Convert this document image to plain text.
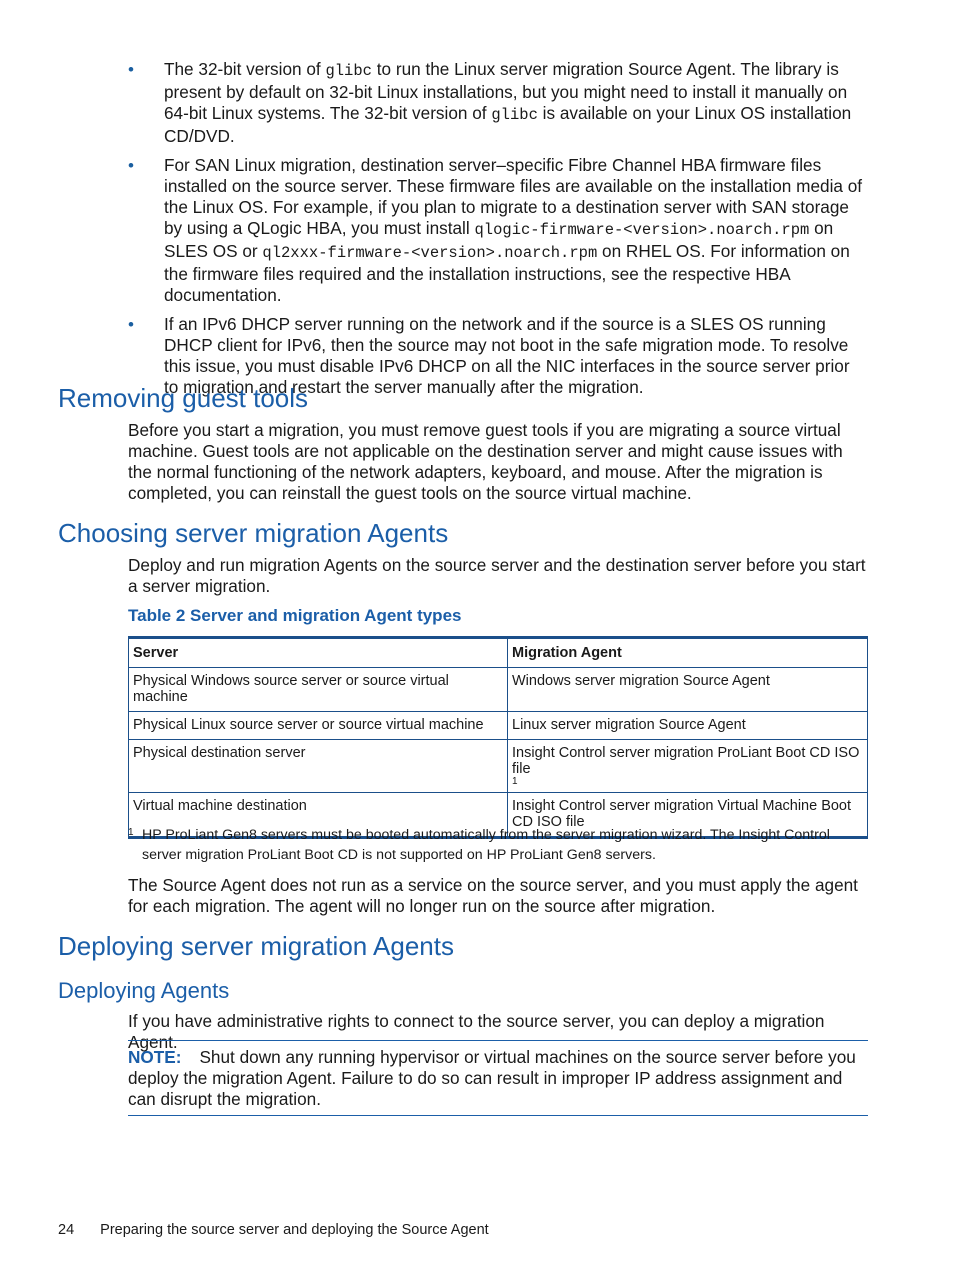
• The 32-bit version of glibc to run the Linux server migration Source Agent. The library is present by default on 32-bit Linux installations, but you might need to install it manually on 64-bit Linux systems. The 32-bit version of glibc is available on your Linux OS installation CD/DVD.
• For SAN Linux migration, destination server–specific Fibre Channel HBA firmware files installed on the source server. These firmware files are available on the installation media of the Linux OS. For example, if you plan to migrate to a destination server with SAN storage by using a QLogic HBA, you must install qlogic-firmware-<version>.noarch.rpm on SLES OS or ql2xxx-firmware-<version>.noarch.rpm on RHEL OS. For information on the firmware files required and the installation instructions, see the respective HBA documentation.
• If an IPv6 DHCP server running on the network and if the source is a SLES OS running DHCP client for IPv6, then the source may not boot in the safe migration mode. To resolve this issue, you must disable IPv6 DHCP on all the NIC interfaces in the source server prior to migration and restart the server manually after the migration.
Removing guest tools

Before you start a migration, you must remove guest tools if you are migrating a source virtual machine. Guest tools are not applicable on the destination server and might cause issues with the normal functioning of the network adapters, keyboard, and mouse. After the migration is completed, you can reinstall the guest tools on the source virtual machine.

Choosing server migration Agents

Deploy and run migration Agents on the source server and the destination server before you start a server migration.

Table 2 Server and migration Agent types

Server	Migration Agent
Physical Windows source server or source virtual machine	Windows server migration Source Agent
Physical Linux source server or source virtual machine	Linux server migration Source Agent
Physical destination server	Insight Control server migration ProLiant Boot CD ISO file
1

Virtual machine destination	Insight Control server migration Virtual Machine Boot CD ISO file
1 HP ProLiant Gen8 servers must be booted automatically from the server migration wizard. The Insight Control server migration ProLiant Boot CD is not supported on HP ProLiant Gen8 servers.

The Source Agent does not run as a service on the source server, and you must apply the agent for each migration. The agent will no longer run on the source after migration.

Deploying server migration Agents
Deploying Agents

If you have administrative rights to connect to the source server, you can deploy a migration Agent.

NOTE: Shut down any running hypervisor or virtual machines on the source server before you deploy the migration Agent. Failure to do so can result in improper IP address assignment and can disrupt the migration.
24 Preparing the source server and deploying the Source Agent
